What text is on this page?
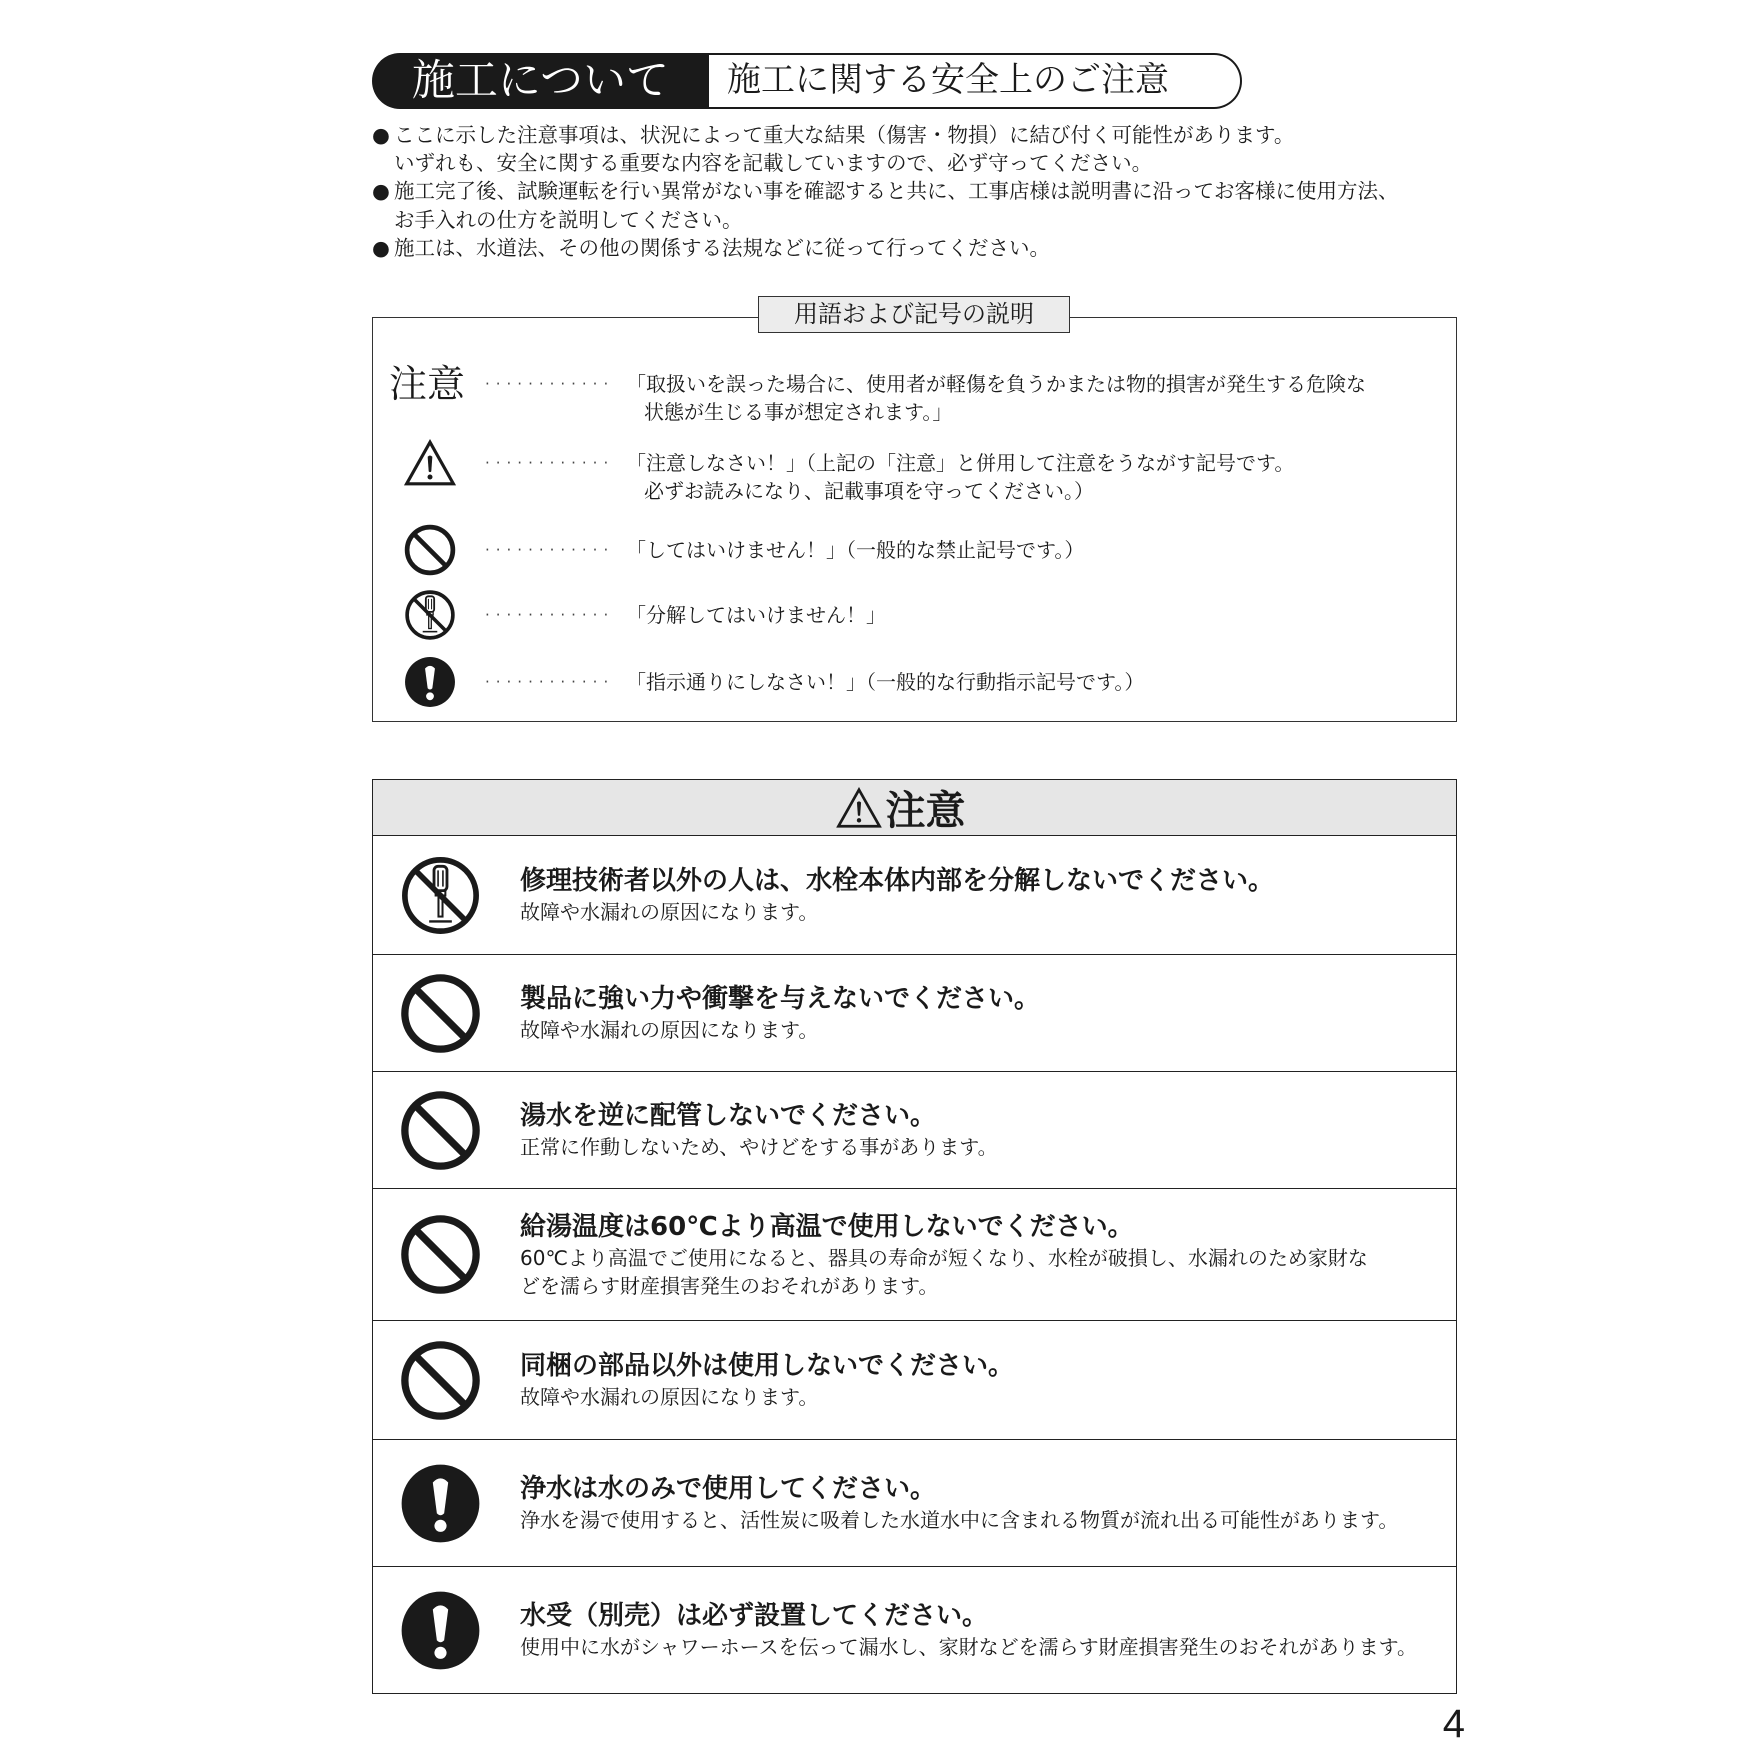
施工について	施工に関する安全上のご注意
● ここに示した注意事項は、状況によって重大な結果（傷害・物損）に結び付く可能性があります。
いずれも、安全に関する重要な内容を記載していますので、必ず守ってください。
● 施工完了後、試験運転を行い異常がない事を確認すると共に、工事店様は説明書に沿ってお客様に使用方法、
お手入れの仕方を説明してください。
● 施工は、水道法、その他の関係する法規などに従って行ってください。
用語および記号の説明
注意 ············ 「取扱いを誤った場合に、使用者が軽傷を負うかまたは物的損害が発生する危険な
状態が生じる事が想定されます。」
············ 「注意しなさい！」（上記の「注意」と併用して注意をうながす記号です。
必ずお読みになり、記載事項を守ってください。）
············ 「してはいけません！」（一般的な禁止記号です。）
············ 「分解してはいけません！」
············ 「指示通りにしなさい！」（一般的な行動指示記号です。）
注意
修理技術者以外の人は、水栓本体内部を分解しないでください。
故障や水漏れの原因になります。
製品に強い力や衝撃を与えないでください。
故障や水漏れの原因になります。
湯水を逆に配管しないでください。
正常に作動しないため、やけどをする事があります。
給湯温度は60℃より高温で使用しないでください。
60℃より高温でご使用になると、器具の寿命が短くなり、水栓が破損し、水漏れのため家財な
どを濡らす財産損害発生のおそれがあります。
同梱の部品以外は使用しないでください。
故障や水漏れの原因になります。
浄水は水のみで使用してください。
浄水を湯で使用すると、活性炭に吸着した水道水中に含まれる物質が流れ出る可能性があります。
水受（別売）は必ず設置してください。
使用中に水がシャワーホースを伝って漏水し、家財などを濡らす財産損害発生のおそれがあります。
4
